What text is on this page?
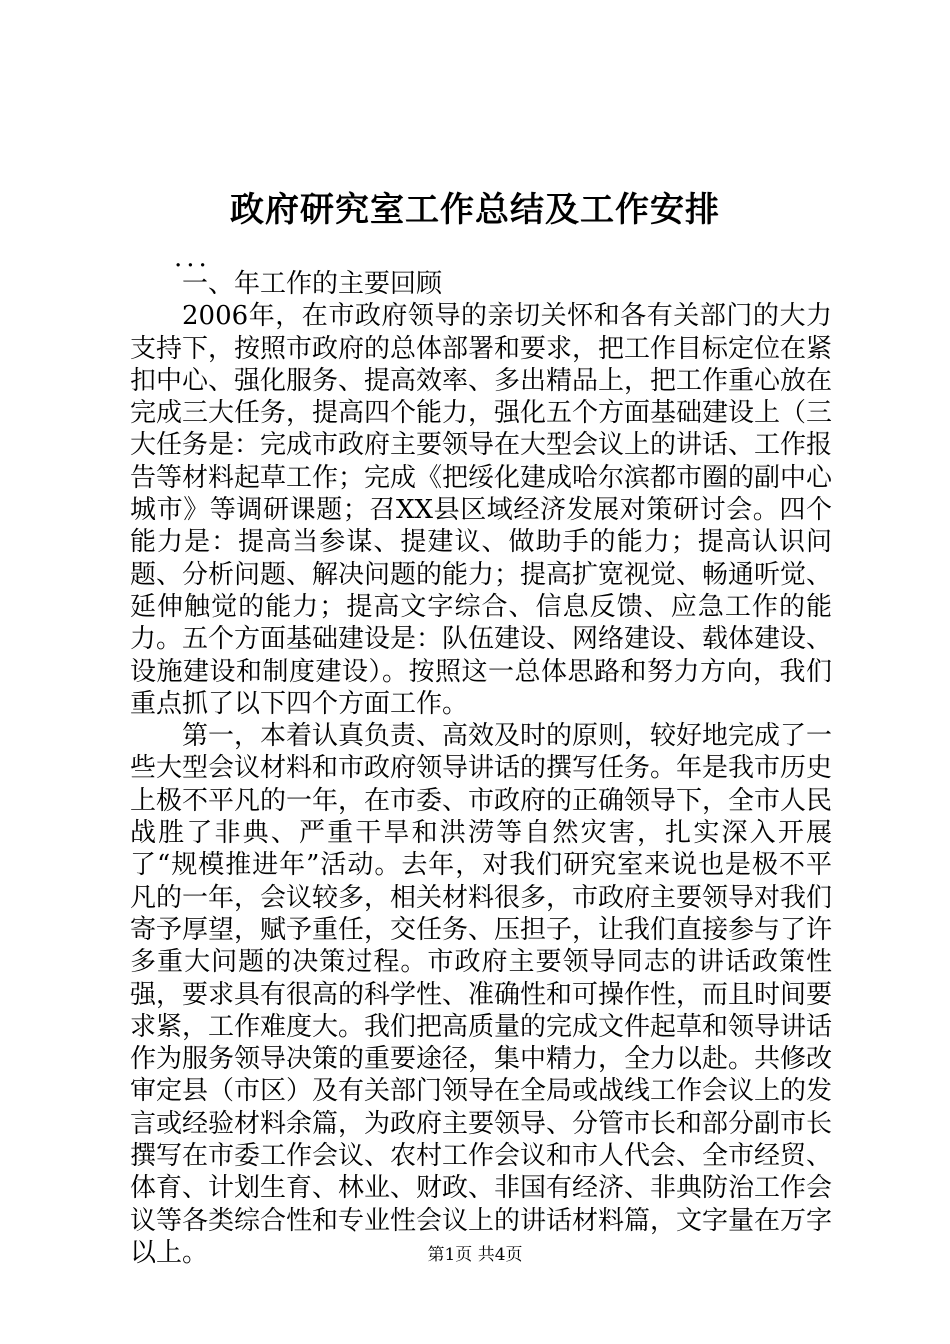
政府研究室工作总结及工作安排

...

一、年工作的主要回顾

2006年，在市政府领导的亲切关怀和各有关部门的大力支持下，按照市政府的总体部署和要求，把工作目标定位在紧扣中心、强化服务、提高效率、多出精品上，把工作重心放在完成三大任务，提高四个能力，强化五个方面基础建设上（三大任务是：完成市政府主要领导在大型会议上的讲话、工作报告等材料起草工作；完成《把绥化建成哈尔滨都市圈的副中心城市》等调研课题；召XX县区域经济发展对策研讨会。四个能力是：提高当参谋、提建议、做助手的能力；提高认识问题、分析问题、解决问题的能力；提高扩宽视觉、畅通听觉、延伸触觉的能力；提高文字综合、信息反馈、应急工作的能力。五个方面基础建设是：队伍建设、网络建设、载体建设、设施建设和制度建设）。按照这一总体思路和努力方向，我们重点抓了以下四个方面工作。

第一，本着认真负责、高效及时的原则，较好地完成了一些大型会议材料和市政府领导讲话的撰写任务。年是我市历史上极不平凡的一年，在市委、市政府的正确领导下，全市人民战胜了非典、严重干旱和洪涝等自然灾害，扎实深入开展了“规模推进年”活动。去年，对我们研究室来说也是极不平凡的一年，会议较多，相关材料很多，市政府主要领导对我们寄予厚望，赋予重任，交任务、压担子，让我们直接参与了许多重大问题的决策过程。市政府主要领导同志的讲话政策性强，要求具有很高的科学性、准确性和可操作性，而且时间要求紧，工作难度大。我们把高质量的完成文件起草和领导讲话作为服务领导决策的重要途径，集中精力，全力以赴。共修改审定县（市区）及有关部门领导在全局或战线工作会议上的发言或经验材料余篇，为政府主要领导、分管市长和部分副市长撰写在市委工作会议、农村工作会议和市人代会、全市经贸、体育、计划生育、林业、财政、非国有经济、非典防治工作会议等各类综合性和专业性会议上的讲话材料篇，文字量在万字以上。	第1页 共4页
